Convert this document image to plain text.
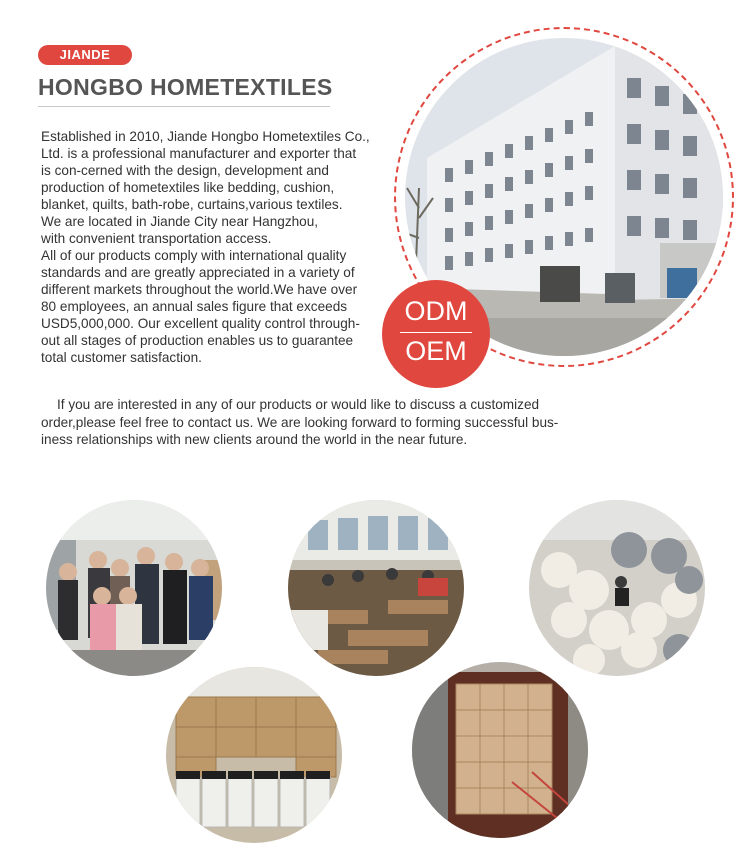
JIANDE
HONGBO HOMETEXTILES
Established in 2010, Jiande Hongbo Hometextiles Co.,
Ltd. is a professional manufacturer and exporter that
is con-cerned with the design, development and
production of hometextiles like bedding, cushion,
blanket, quilts, bath-robe, curtains,various textiles.
We are located in Jiande City near Hangzhou,
with convenient transportation access.
All of our products comply with international quality
standards and are greatly appreciated in a variety of
different markets throughout the world.We have over
80 employees, an annual sales figure that exceeds
USD5,000,000. Our excellent quality control through-
out all stages of production enables us to guarantee
total customer satisfaction.
If you are interested in any of our products or would like to discuss a customized
order,please feel free to contact us. We are looking forward to forming successful bus-
iness relationships with new clients around the world in the near future.
ODM
OEM
